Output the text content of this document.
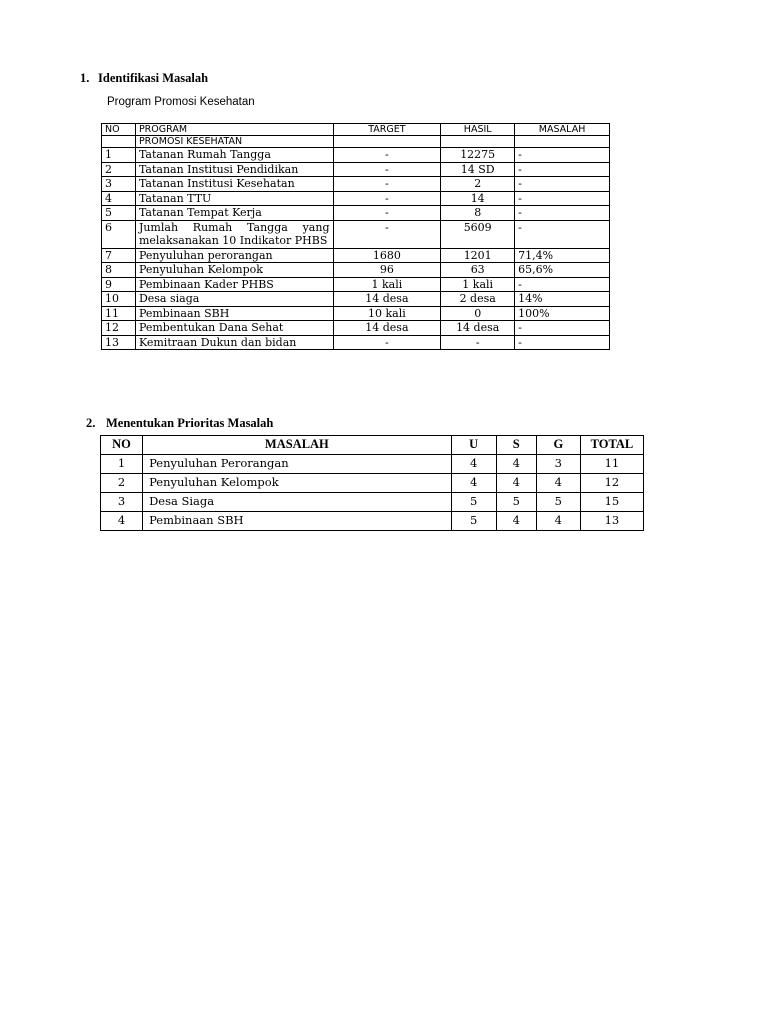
1. Identifikasi Masalah
Program Promosi Kesehatan
NO	PROGRAM	TARGET	HASIL	MASALAH
	PROMOSI KESEHATAN			
1	Tatanan Rumah Tangga	-	12275	-
2	Tatanan Institusi Pendidikan	-	14 SD	-
3	Tatanan Institusi Kesehatan	-	2	-
4	Tatanan TTU	-	14	-
5	Tatanan Tempat Kerja	-	8	-
6	Jumlah Rumah Tangga yang melaksanakan 10 Indikator PHBS	-	5609	-
7	Penyuluhan perorangan	1680	1201	71,4%
8	Penyuluhan Kelompok	96	63	65,6%
9	Pembinaan Kader PHBS	1 kali	1 kali	-
10	Desa siaga	14 desa	2 desa	14%
11	Pembinaan SBH	10 kali	0	100%
12	Pembentukan Dana Sehat	14 desa	14 desa	-
13	Kemitraan Dukun dan bidan	-	-	-
2. Menentukan Prioritas Masalah
NO	MASALAH	U	S	G	TOTAL
1	Penyuluhan Perorangan	4	4	3	11
2	Penyuluhan Kelompok	4	4	4	12
3	Desa Siaga	5	5	5	15
4	Pembinaan SBH	5	4	4	13
